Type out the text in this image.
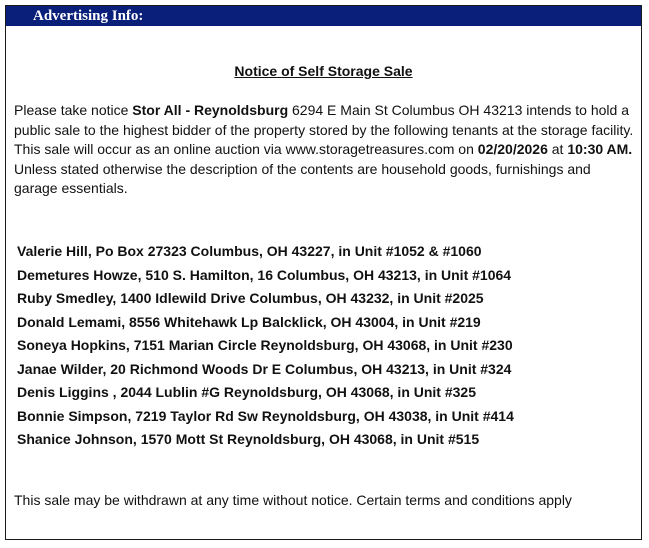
Advertising Info:
Notice of Self Storage Sale
Please take notice Stor All - Reynoldsburg 6294 E Main St Columbus OH 43213 intends to hold a public sale to the highest bidder of the property stored by the following tenants at the storage facility. This sale will occur as an online auction via www.storagetreasures.com on 02/20/2026 at 10:30 AM. Unless stated otherwise the description of the contents are household goods, furnishings and garage essentials.
Valerie Hill, Po Box 27323 Columbus, OH 43227, in Unit #1052 & #1060
Demetures Howze, 510 S. Hamilton, 16 Columbus, OH 43213, in Unit #1064
Ruby Smedley, 1400 Idlewild Drive Columbus, OH 43232, in Unit #2025
Donald Lemami, 8556 Whitehawk Lp Balcklick, OH 43004, in Unit #219
Soneya Hopkins, 7151 Marian Circle Reynoldsburg, OH 43068, in Unit #230
Janae Wilder, 20 Richmond Woods Dr E Columbus, OH 43213, in Unit #324
Denis Liggins , 2044 Lublin #G Reynoldsburg, OH 43068, in Unit #325
Bonnie Simpson, 7219 Taylor Rd Sw Reynoldsburg, OH 43038, in Unit #414
Shanice Johnson, 1570 Mott St Reynoldsburg, OH 43068, in Unit #515
This sale may be withdrawn at any time without notice. Certain terms and conditions apply
